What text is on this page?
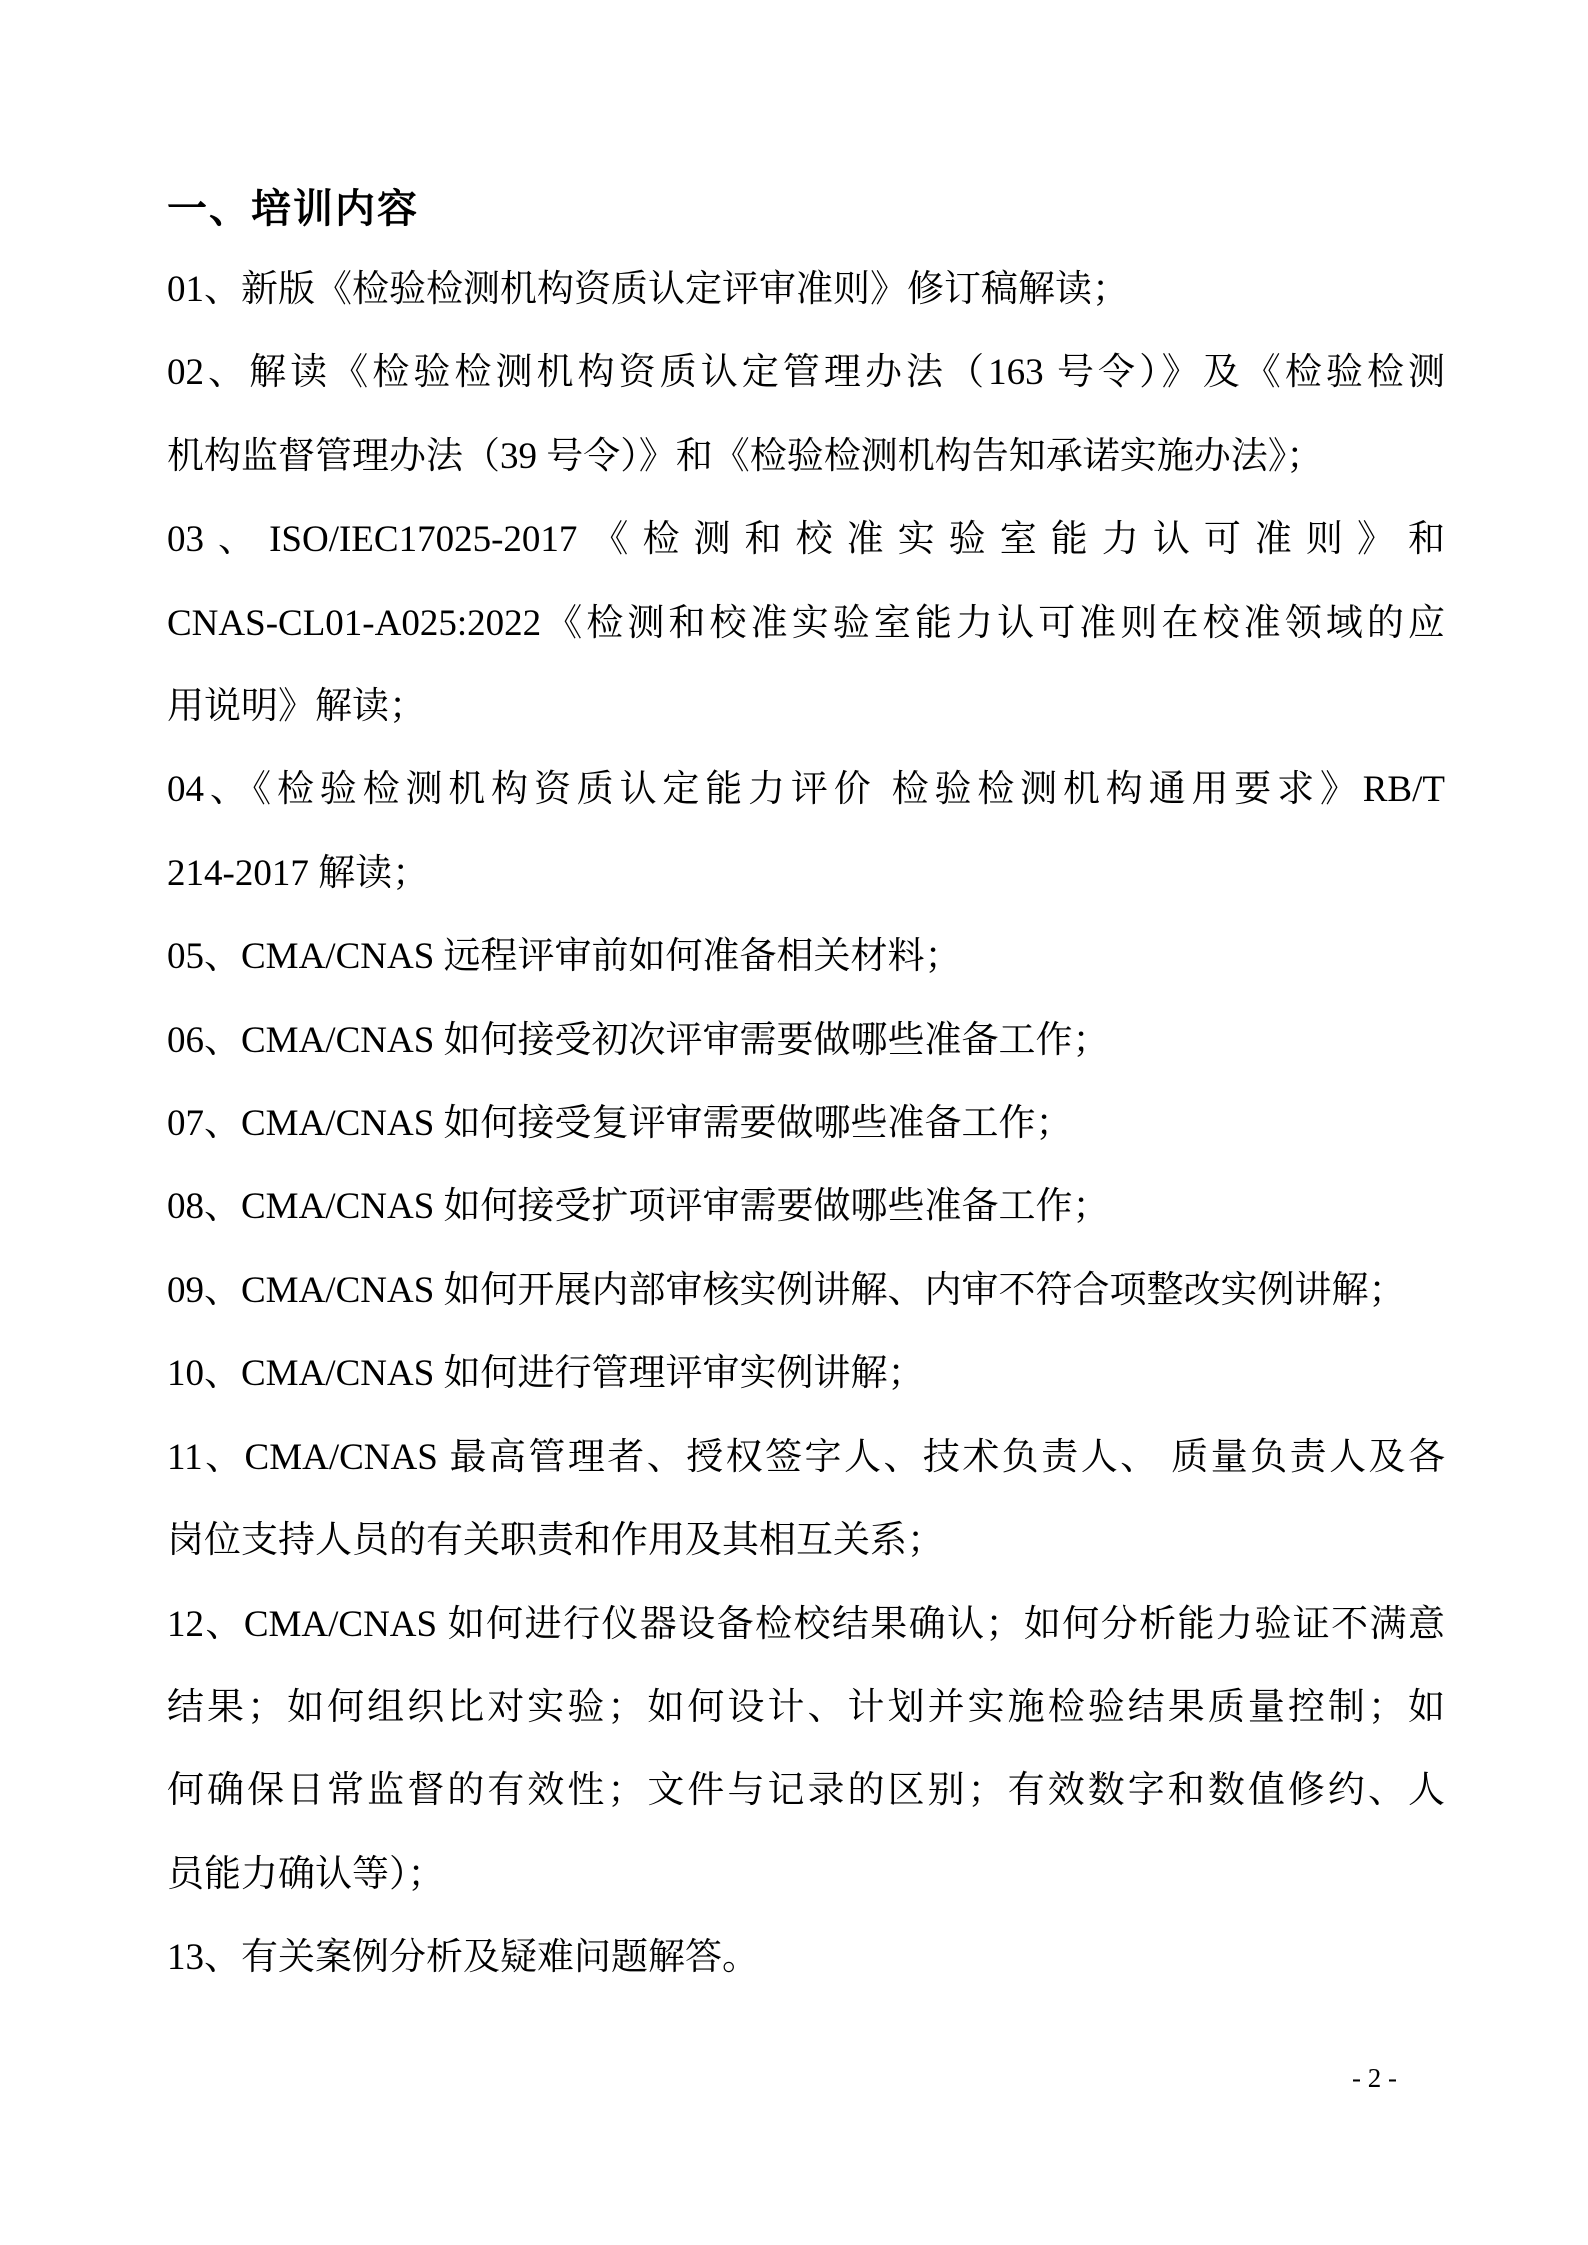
一、培训内容
01、新版《检验检测机构资质认定评审准则》修订稿解读；
02、解读《检验检测机构资质认定管理办法（163 号令）》及《检验检测
机构监督管理办法（39 号令）》和《检验检测机构告知承诺实施办法》；
03、ISO/IEC17025-2017《检测和校准实验室能力认可准则》和
CNAS-CL01-A025:2022《检测和校准实验室能力认可准则在校准领域的应
用说明》解读；
04、《检验检测机构资质认定能力评价 检验检测机构通用要求》RB/T
214-2017 解读；
05、CMA/CNAS 远程评审前如何准备相关材料；
06、CMA/CNAS 如何接受初次评审需要做哪些准备工作；
07、CMA/CNAS 如何接受复评审需要做哪些准备工作；
08、CMA/CNAS 如何接受扩项评审需要做哪些准备工作；
09、CMA/CNAS 如何开展内部审核实例讲解、内审不符合项整改实例讲解；
10、CMA/CNAS 如何进行管理评审实例讲解；
11、CMA/CNAS 最高管理者、授权签字人、技术负责人、 质量负责人及各
岗位支持人员的有关职责和作用及其相互关系；
12、CMA/CNAS 如何进行仪器设备检校结果确认；如何分析能力验证不满意
结果；如何组织比对实验；如何设计、计划并实施检验结果质量控制；如
何确保日常监督的有效性；文件与记录的区别；有效数字和数值修约、人
员能力确认等）；
13、有关案例分析及疑难问题解答。
- 2 -
